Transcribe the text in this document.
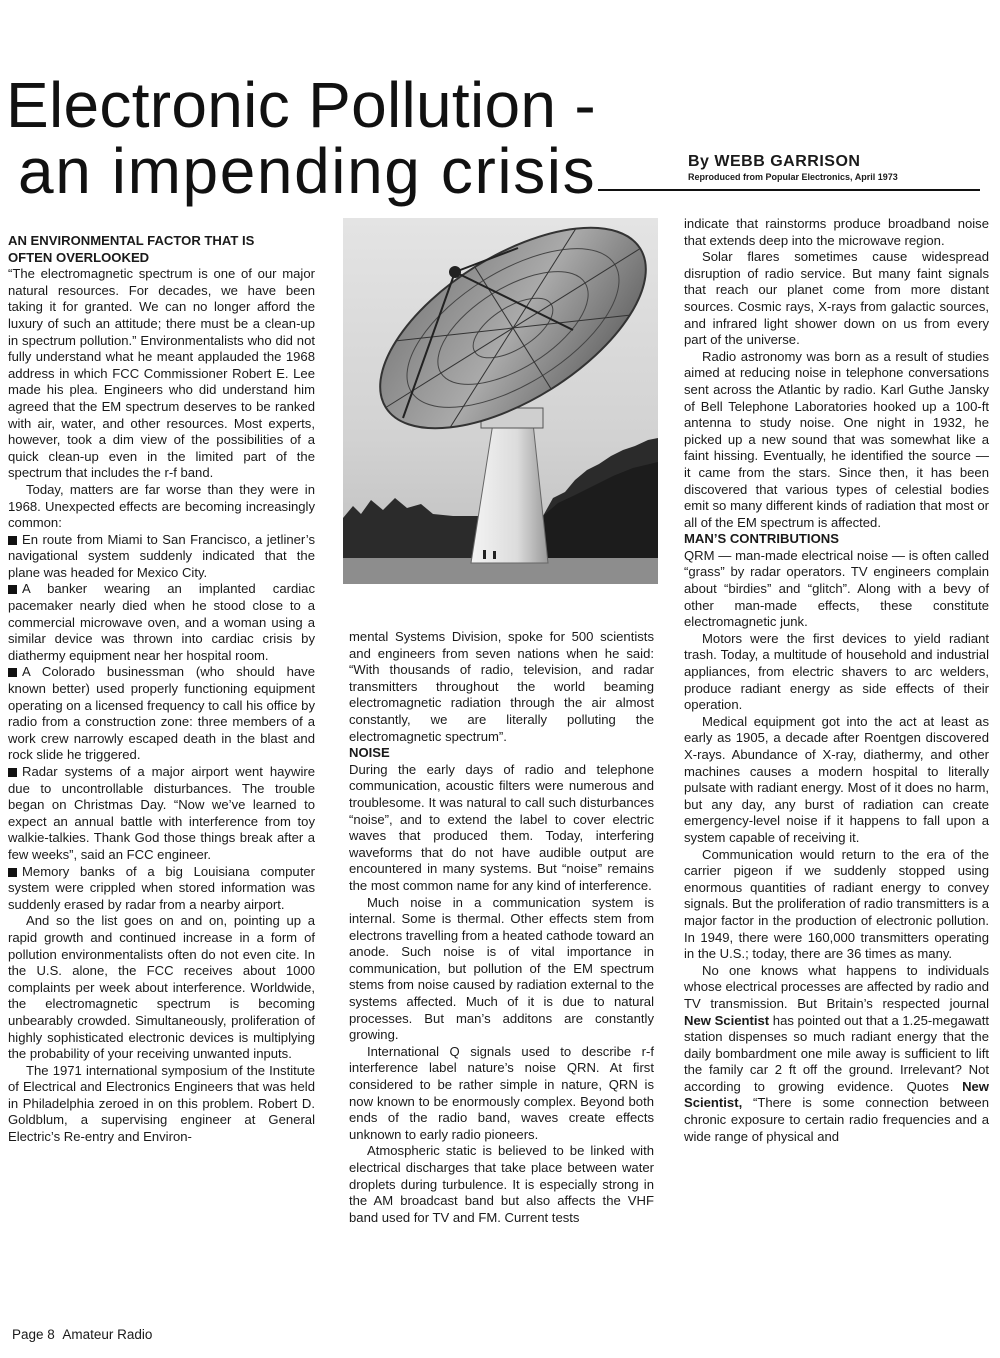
Electronic Pollution -
an impending crisis	By WEBB GARRISON
Reproduced from Popular Electronics, April 1973
AN ENVIRONMENTAL FACTOR THAT IS
OFTEN OVERLOOKED

“The electromagnetic spectrum is one of our major natural resources. For decades, we have been taking it for granted. We can no longer afford the luxury of such an attitude; there must be a clean-up in spectrum pollution.” Environmentalists who did not fully understand what he meant applauded the 1968 address in which FCC Commissioner Robert E. Lee made his plea. Engineers who did understand him agreed that the EM spectrum deserves to be ranked with air, water, and other resources. Most experts, however, took a dim view of the possibilities of a quick clean-up even in the limited part of the spectrum that includes the r-f band.

Today, matters are far worse than they were in 1968. Unexpected effects are becoming increasingly common:

En route from Miami to San Francisco, a jetliner’s navigational system suddenly indicated that the plane was headed for Mexico City.

A banker wearing an implanted cardiac pacemaker nearly died when he stood close to a commercial microwave oven, and a woman using a similar device was thrown into cardiac crisis by diathermy equipment near her hospital room.

A Colorado businessman (who should have known better) used properly functioning equipment operating on a licensed frequency to call his office by radio from a construction zone: three members of a work crew narrowly escaped death in the blast and rock slide he triggered.

Radar systems of a major airport went haywire due to uncontrollable disturbances. The trouble began on Christmas Day. “Now we’ve learned to expect an annual battle with interference from toy walkie-talkies. Thank God those things break after a few weeks”, said an FCC engineer.

Memory banks of a big Louisiana computer system were crippled when stored information was suddenly erased by radar from a nearby airport.

And so the list goes on and on, pointing up a rapid growth and continued increase in a form of pollution environmentalists often do not even cite. In the U.S. alone, the FCC receives about 1000 complaints per week about interference. Worldwide, the electromagnetic spectrum is becoming unbearably crowded. Simultaneously, proliferation of highly sophisticated electronic devices is multiplying the probability of your receiving unwanted inputs.

The 1971 international symposium of the Institute of Electrical and Electronics Engineers that was held in Philadelphia zeroed in on this problem. Robert D. Goldblum, a supervising engineer at General Electric’s Re-entry and Environ-

mental Systems Division, spoke for 500 scientists and engineers from seven nations when he said: “With thousands of radio, television, and radar transmitters throughout the world beaming electromagnetic radiation through the air almost constantly, we are literally polluting the electromagnetic spectrum”.

NOISE

During the early days of radio and telephone communication, acoustic filters were numerous and troublesome. It was natural to call such disturbances “noise”, and to extend the label to cover electric waves that produced them. Today, interfering waveforms that do not have audible output are encountered in many systems. But “noise” remains the most common name for any kind of interference.

Much noise in a communication system is internal. Some is thermal. Other effects stem from electrons travelling from a heated cathode toward an anode. Such noise is of vital importance in communication, but pollution of the EM spectrum stems from noise caused by radiation external to the systems affected. Much of it is due to natural processes. But man’s additons are constantly growing.

International Q signals used to describe r-f interference label nature’s noise QRN. At first considered to be rather simple in nature, QRN is now known to be enormously complex. Beyond both ends of the radio band, waves create effects unknown to early radio pioneers.

Atmospheric static is believed to be linked with electrical discharges that take place between water droplets during turbulence. It is especially strong in the AM broadcast band but also affects the VHF band used for TV and FM. Current tests

indicate that rainstorms produce broadband noise that extends deep into the microwave region.

Solar flares sometimes cause widespread disruption of radio service. But many faint signals that reach our planet come from more distant sources. Cosmic rays, X-rays from galactic sources, and infrared light shower down on us from every part of the universe.

Radio astronomy was born as a result of studies aimed at reducing noise in telephone conversations sent across the Atlantic by radio. Karl Guthe Jansky of Bell Telephone Laboratories hooked up a 100-ft antenna to study noise. One night in 1932, he picked up a new sound that was somewhat like a faint hissing. Eventually, he identified the source — it came from the stars. Since then, it has been discovered that various types of celestial bodies emit so many different kinds of radiation that most or all of the EM spectrum is affected.

MAN’S CONTRIBUTIONS

QRM — man-made electrical noise — is often called “grass” by radar operators. TV engineers complain about “birdies” and “glitch”. Along with a bevy of other man-made effects, these constitute electromagnetic junk.

Motors were the first devices to yield radiant trash. Today, a multitude of household and industrial appliances, from electric shavers to arc welders, produce radiant energy as side effects of their operation.

Medical equipment got into the act at least as early as 1905, a decade after Roentgen discovered X-rays. Abundance of X-ray, diathermy, and other machines causes a modern hospital to literally pulsate with radiant energy. Most of it does no harm, but any day, any burst of radiation can create emergency-level noise if it happens to fall upon a system capable of receiving it.

Communication would return to the era of the carrier pigeon if we suddenly stopped using enormous quantities of radiant energy to convey signals. But the proliferation of radio transmitters is a major factor in the production of electronic pollution. In 1949, there were 160,000 transmitters operating in the U.S.; today, there are 36 times as many.

No one knows what happens to individuals whose electrical processes are affected by radio and TV transmission. But Britain’s respected journal New Scientist has pointed out that a 1.25-megawatt station dispenses so much radiant energy that the daily bombardment one mile away is sufficient to lift the family car 2 ft off the ground. Irrelevant? Not according to growing evidence. Quotes New Scientist, “There is some connection between chronic exposure to certain radio frequencies and a wide range of physical and

Page 8 Amateur Radio
